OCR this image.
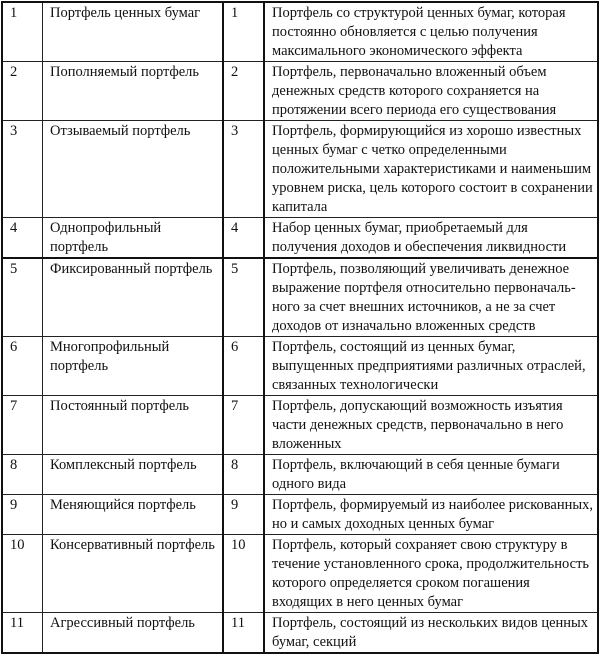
1	Портфель ценных бумаг	1	Портфель со структурой ценных бумаг, которая постоянно обновляется с целью получения максимального экономического эффекта
2	Пополняемый портфель	2	Портфель, первоначально вложенный объем денежных средств которого сохраняется на протяжении всего периода его существования
3	Отзываемый портфель	3	Портфель, формирующийся из хорошо известных ценных бумаг с четко определенными положительными характеристиками и наименьшим уровнем риска, цель которого состоит в сохранении капитала
4	Однопрофильный портфель	4	Набор ценных бумаг, приобретаемый для получения доходов и обеспечения ликвидности
5	Фиксированный портфель	5	Портфель, позволяющий увеличивать денежное выражение портфеля относительно первоначаль-ного за счет внешних источников, а не за счет доходов от изначально вложенных средств
6	Многопрофильный портфель	6	Портфель, состоящий из ценных бумаг, выпущенных предприятиями различных отраслей, связанных технологически
7	Постоянный портфель	7	Портфель, допускающий возможность изъятия части денежных средств, первоначально в него вложенных
8	Комплексный портфель	8	Портфель, включающий в себя ценные бумаги одного вида
9	Меняющийся портфель	9	Портфель, формируемый из наиболее рискованных, но и самых доходных ценных бумаг
10	Консервативный портфель	10	Портфель, который сохраняет свою структуру в течение установленного срока, продолжительность которого определяется сроком погашения входящих в него ценных бумаг
11	Агрессивный портфель	11	Портфель, состоящий из нескольких видов ценных бумаг, секций
